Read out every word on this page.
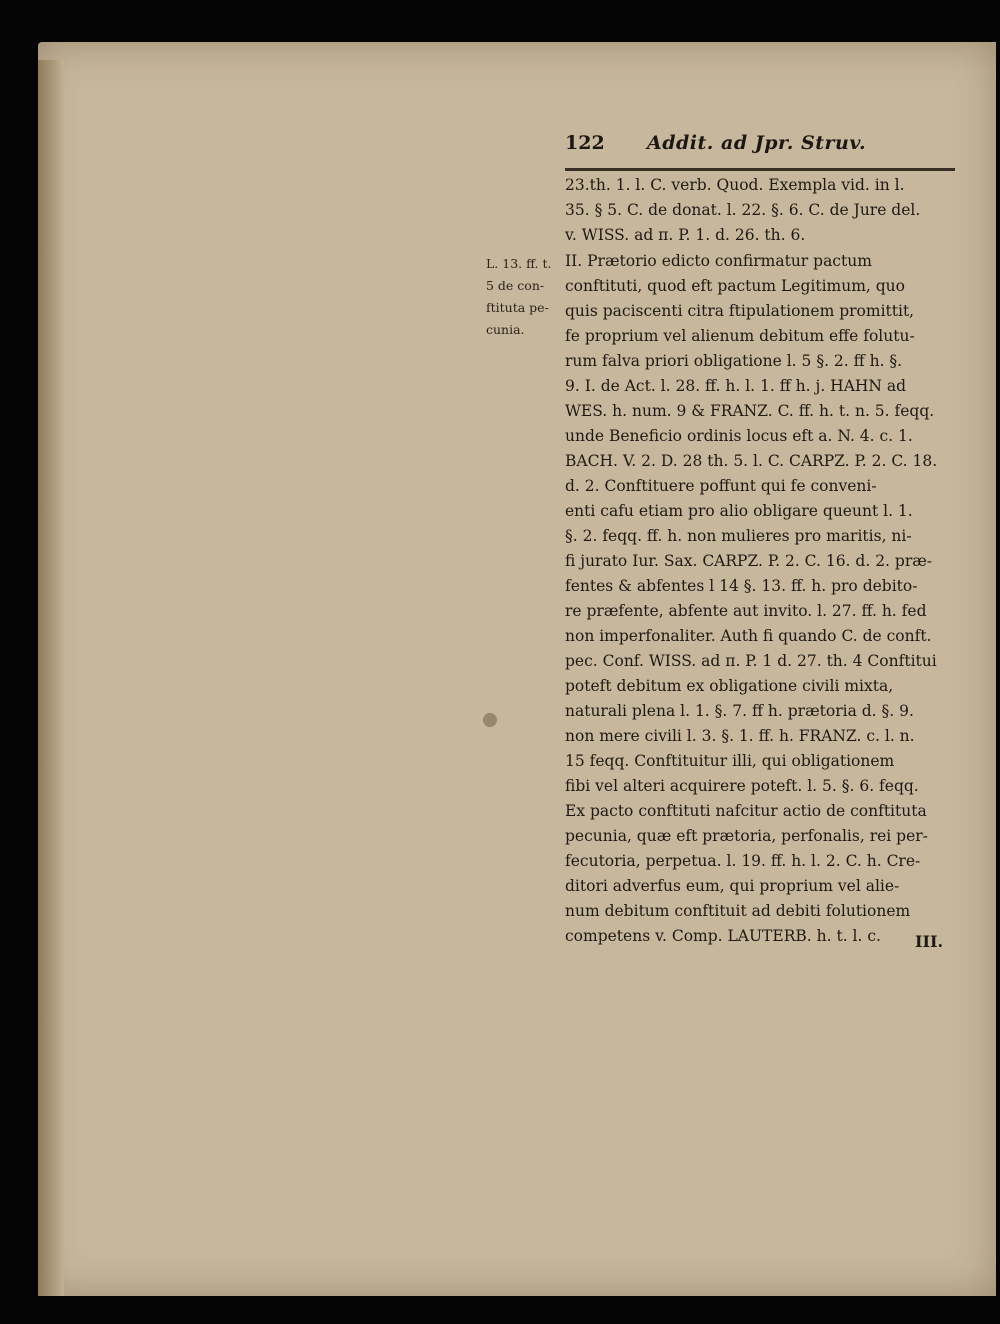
122 Addit. ad Jpr. Struv.
L. 13. ff. t.
5 de con-
ftituta pe-
cunia.
23.th. 1. l. C. verb. Quod. Exempla vid. in l.
35. § 5. C. de donat. l. 22. §. 6. C. de Jure del.
v. WISS. ad π. P. 1. d. 26. th. 6.
II. Prætorio edicto confirmatur pactum
conftituti, quod eft pactum Legitimum, quo
quis paciscenti citra ftipulationem promittit,
fe proprium vel alienum debitum effe folutu-
rum falva priori obligatione l. 5 §. 2. ff h. §.
9. I. de Act. l. 28. ff. h. l. 1. ff h. j. HAHN ad
WES. h. num. 9 & FRANZ. C. ff. h. t. n. 5. feqq.
unde Beneficio ordinis locus eft a. N. 4. c. 1.
BACH. V. 2. D. 28 th. 5. l. C. CARPZ. P. 2. C. 18.
d. 2. Conftituere poffunt qui fe conveni-
enti cafu etiam pro alio obligare queunt l. 1.
§. 2. feqq. ff. h. non mulieres pro maritis, ni-
fi jurato Iur. Sax. CARPZ. P. 2. C. 16. d. 2. præ-
fentes & abfentes l 14 §. 13. ff. h. pro debito-
re præfente, abfente aut invito. l. 27. ff. h. fed
non imperfonaliter. Auth fi quando C. de conft.
pec. Conf. WISS. ad π. P. 1 d. 27. th. 4 Conftitui
poteft debitum ex obligatione civili mixta,
naturali plena l. 1. §. 7. ff h. prætoria d. §. 9.
non mere civili l. 3. §. 1. ff. h. FRANZ. c. l. n.
15 feqq. Conftituitur illi, qui obligationem
fibi vel alteri acquirere poteft. l. 5. §. 6. feqq.
Ex pacto conftituti nafcitur actio de conftituta
pecunia, quæ eft prætoria, perfonalis, rei per-
fecutoria, perpetua. l. 19. ff. h. l. 2. C. h. Cre-
ditori adverfus eum, qui proprium vel alie-
num debitum conftituit ad debiti folutionem
competens v. Comp. LAUTERB. h. t. l. c.	III.
